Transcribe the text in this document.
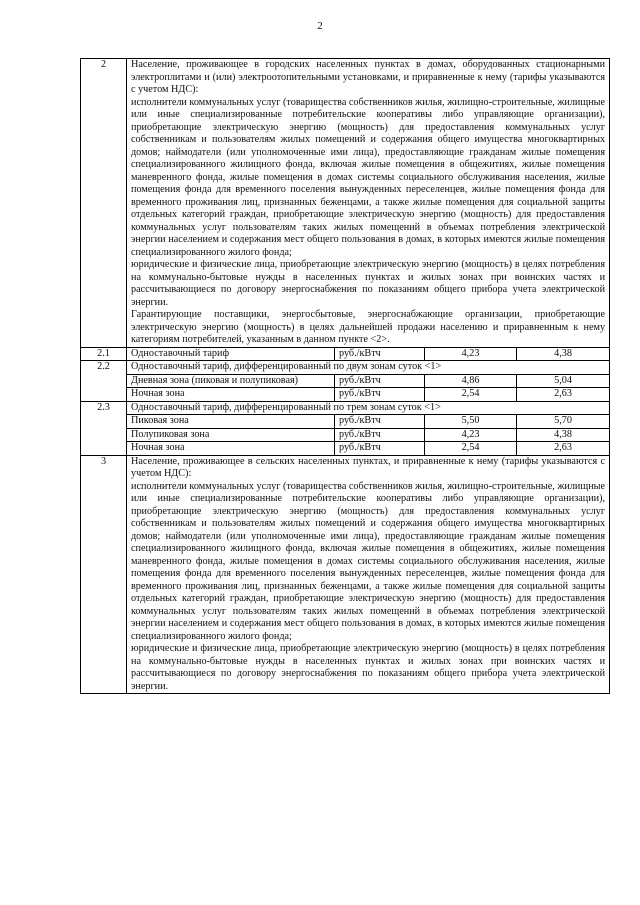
2
2	Население, проживающее в городских населенных пунктах в домах, оборудованных стационарными электроплитами и (или) электроотопительными установками, и приравненные к нему (тарифы указываются с учетом НДС):

исполнители коммунальных услуг (товарищества собственников жилья, жилищно-строительные, жилищные или иные специализированные потребительские кооперативы либо управляющие организации), приобретающие электрическую энергию (мощность) для предоставления коммунальных услуг собственникам и пользователям жилых помещений и содержания общего имущества многоквартирных домов; наймодатели (или уполномоченные ими лица), предоставляющие гражданам жилые помещения специализированного жилищного фонда, включая жилые помещения в общежитиях, жилые помещения маневренного фонда, жилые помещения в домах системы социального обслуживания населения, жилые помещения фонда для временного поселения вынужденных переселенцев, жилые помещения фонда для временного проживания лиц, признанных беженцами, а также жилые помещения для социальной защиты отдельных категорий граждан, приобретающие электрическую энергию (мощность) для предоставления коммунальных услуг пользователям таких жилых помещений в объемах потребления электрической энергии населением и содержания мест общего пользования в домах, в которых имеются жилые помещения специализированного жилого фонда;

юридические и физические лица, приобретающие электрическую энергию (мощность) в целях потребления на коммунально-бытовые нужды в населенных пунктах и жилых зонах при воинских частях и рассчитывающиеся по договору энергоснабжения по показаниям общего прибора учета электрической энергии.

Гарантирующие поставщики, энергосбытовые, энергоснабжающие организации, приобретающие электрическую энергию (мощность) в целях дальнейшей продажи населению и приравненным к нему категориям потребителей, указанным в данном пункте <2>.			

2.1	Одноставочный тариф	руб./кВтч	4,23	4,38
2.2	Одноставочный тариф, дифференцированный по двум зонам суток <1>			
	Дневная зона (пиковая и полупиковая)	руб./кВтч	4,86	5,04
	Ночная зона	руб./кВтч	2,54	2,63
2.3	Одноставочный тариф, дифференцированный по трем зонам суток <1>			
	Пиковая зона	руб./кВтч	5,50	5,70
	Полупиковая зона	руб./кВтч	4,23	4,38
	Ночная зона	руб./кВтч	2,54	2,63
3	Население, проживающее в сельских населенных пунктах, и приравненные к нему (тарифы указываются с учетом НДС):

исполнители коммунальных услуг (товарищества собственников жилья, жилищно-строительные, жилищные или иные специализированные потребительские кооперативы либо управляющие организации), приобретающие электрическую энергию (мощность) для предоставления коммунальных услуг собственникам и пользователям жилых помещений и содержания общего имущества многоквартирных домов; наймодатели (или уполномоченные ими лица), предоставляющие гражданам жилые помещения специализированного жилищного фонда, включая жилые помещения в общежитиях, жилые помещения маневренного фонда, жилые помещения в домах системы социального обслуживания населения, жилые помещения фонда для временного поселения вынужденных переселенцев, жилые помещения фонда для временного проживания лиц, признанных беженцами, а также жилые помещения для социальной защиты отдельных категорий граждан, приобретающие электрическую энергию (мощность) для предоставления коммунальных услуг пользователям таких жилых помещений в объемах потребления электрической энергии населением и содержания мест общего пользования в домах, в которых имеются жилые помещения специализированного жилого фонда;

юридические и физические лица, приобретающие электрическую энергию (мощность) в целях потребления на коммунально-бытовые нужды в населенных пунктах и жилых зонах при воинских частях и рассчитывающиеся по договору энергоснабжения по показаниям общего прибора учета электрической энергии.			
